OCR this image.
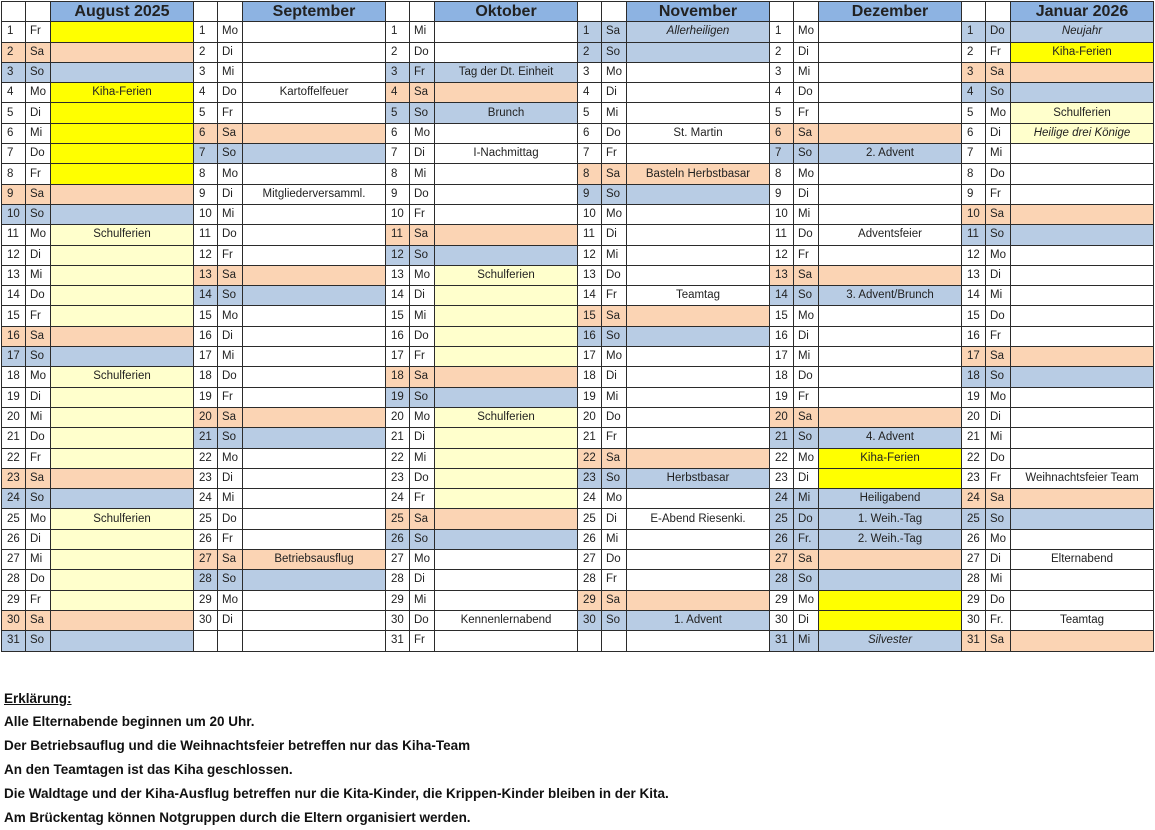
		August 2025			September			Oktober			November			Dezember			Januar 2026
1	Fr		1	Mo		1	Mi		1	Sa	Allerheiligen	1	Mo		1	Do	Neujahr
2	Sa		2	Di		2	Do		2	So		2	Di		2	Fr	Kiha-Ferien
3	So		3	Mi		3	Fr	Tag der Dt. Einheit	3	Mo		3	Mi		3	Sa	
4	Mo	Kiha-Ferien	4	Do	Kartoffelfeuer	4	Sa		4	Di		4	Do		4	So	
5	Di		5	Fr		5	So	Brunch	5	Mi		5	Fr		5	Mo	Schulferien
6	Mi		6	Sa		6	Mo		6	Do	St. Martin	6	Sa		6	Di	Heilige drei Könige
7	Do		7	So		7	Di	I-Nachmittag	7	Fr		7	So	2. Advent	7	Mi	
8	Fr		8	Mo		8	Mi		8	Sa	Basteln Herbstbasar	8	Mo		8	Do	
9	Sa		9	Di	Mitgliederversamml.	9	Do		9	So		9	Di		9	Fr	
10	So		10	Mi		10	Fr		10	Mo		10	Mi		10	Sa	
11	Mo	Schulferien	11	Do		11	Sa		11	Di		11	Do	Adventsfeier	11	So	
12	Di		12	Fr		12	So		12	Mi		12	Fr		12	Mo	
13	Mi		13	Sa		13	Mo	Schulferien	13	Do		13	Sa		13	Di	
14	Do		14	So		14	Di		14	Fr	Teamtag	14	So	3. Advent/Brunch	14	Mi	
15	Fr		15	Mo		15	Mi		15	Sa		15	Mo		15	Do	
16	Sa		16	Di		16	Do		16	So		16	Di		16	Fr	
17	So		17	Mi		17	Fr		17	Mo		17	Mi		17	Sa	
18	Mo	Schulferien	18	Do		18	Sa		18	Di		18	Do		18	So	
19	Di		19	Fr		19	So		19	Mi		19	Fr		19	Mo	
20	Mi		20	Sa		20	Mo	Schulferien	20	Do		20	Sa		20	Di	
21	Do		21	So		21	Di		21	Fr		21	So	4. Advent	21	Mi	
22	Fr		22	Mo		22	Mi		22	Sa		22	Mo	Kiha-Ferien	22	Do	
23	Sa		23	Di		23	Do		23	So	Herbstbasar	23	Di		23	Fr	Weihnachtsfeier Team
24	So		24	Mi		24	Fr		24	Mo		24	Mi	Heiligabend	24	Sa	
25	Mo	Schulferien	25	Do		25	Sa		25	Di	E-Abend Riesenki.	25	Do	1. Weih.-Tag	25	So	
26	Di		26	Fr		26	So		26	Mi		26	Fr.	2. Weih.-Tag	26	Mo	
27	Mi		27	Sa	Betriebsausflug	27	Mo		27	Do		27	Sa		27	Di	Elternabend
28	Do		28	So		28	Di		28	Fr		28	So		28	Mi	
29	Fr		29	Mo		29	Mi		29	Sa		29	Mo		29	Do	
30	Sa		30	Di		30	Do	Kennenlernabend	30	So	1. Advent	30	Di		30	Fr.	Teamtag
31	So					31	Fr					31	Mi	Silvester	31	Sa	
Erklärung:
Alle Elternabende beginnen um 20 Uhr.
Der Betriebsauflug und die Weihnachtsfeier betreffen nur das Kiha-Team
An den Teamtagen ist das Kiha geschlossen.
Die Waldtage und der Kiha-Ausflug betreffen nur die Kita-Kinder, die Krippen-Kinder bleiben in der Kita.
Am Brückentag können Notgruppen durch die Eltern organisiert werden.
